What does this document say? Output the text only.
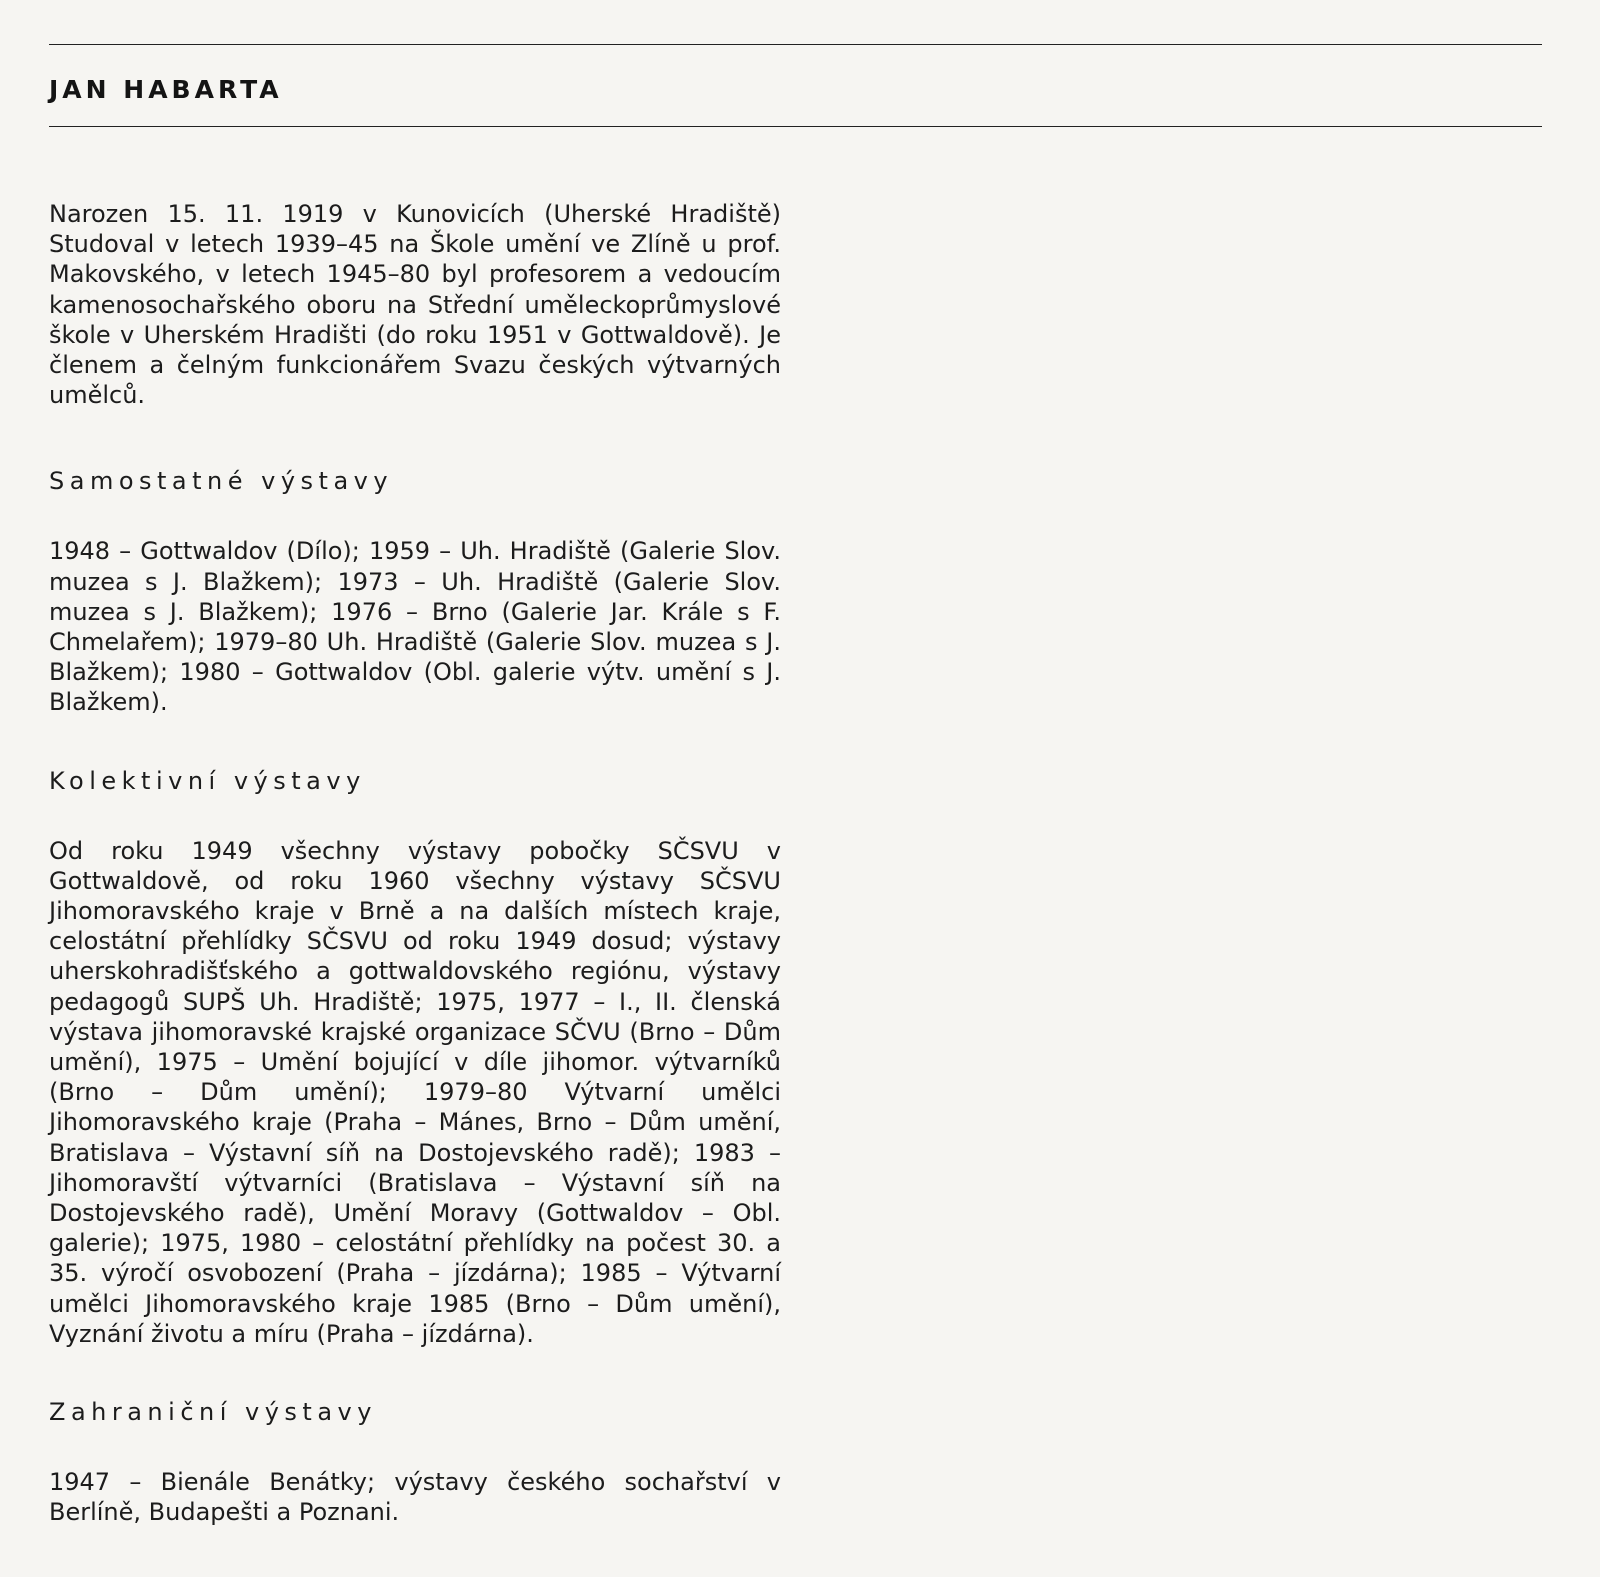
JAN HABARTA

Narozen 15. 11. 1919 v Kunovicích (Uherské Hradiště) Studoval v letech 1939–45 na Škole umění ve Zlíně u prof. Makovského, v letech 1945–80 byl profesorem a vedoucím kamenosochařského oboru na Střední uměleckoprůmyslové škole v Uherském Hradišti (do roku 1951 v Gottwaldově). Je členem a čelným funkcionářem Svazu českých výtvarných umělců.

Samostatné výstavy

1948 – Gottwaldov (Dílo); 1959 – Uh. Hradiště (Galerie Slov. muzea s J. Blažkem); 1973 – Uh. Hradiště (Galerie Slov. muzea s J. Blažkem); 1976 – Brno (Galerie Jar. Krále s F. Chmelařem); 1979–80 Uh. Hradiště (Galerie Slov. muzea s J. Blažkem); 1980 – Gottwaldov (Obl. galerie výtv. umění s J. Blažkem).

Kolektivní výstavy

Od roku 1949 všechny výstavy pobočky SČSVU v Gottwaldově, od roku 1960 všechny výstavy SČSVU Jihomoravského kraje v Brně a na dalších místech kraje, celostátní přehlídky SČSVU od roku 1949 dosud; výstavy uherskohradišťského a gottwaldovského regiónu, výstavy pedagogů SUPŠ Uh. Hradiště; 1975, 1977 – I., II. členská výstava jihomoravské krajské organizace SČVU (Brno – Dům umění), 1975 – Umění bojující v díle jihomor. výtvarníků (Brno – Dům umění); 1979–80 Výtvarní umělci Jihomoravského kraje (Praha – Mánes, Brno – Dům umění, Bratislava – Výstavní síň na Dostojevského radě); 1983 – Jihomoravští výtvarníci (Bratislava – Výstavní síň na Dostojevského radě), Umění Moravy (Gottwaldov – Obl. galerie); 1975, 1980 – celostátní přehlídky na počest 30. a 35. výročí osvobození (Praha – jízdárna); 1985 – Výtvarní umělci Jihomoravského kraje 1985 (Brno – Dům umění), Vyznání životu a míru (Praha – jízdárna).

Zahraniční výstavy

1947 – Bienále Benátky; výstavy českého sochařství v Berlíně, Budapešti a Poznani.
